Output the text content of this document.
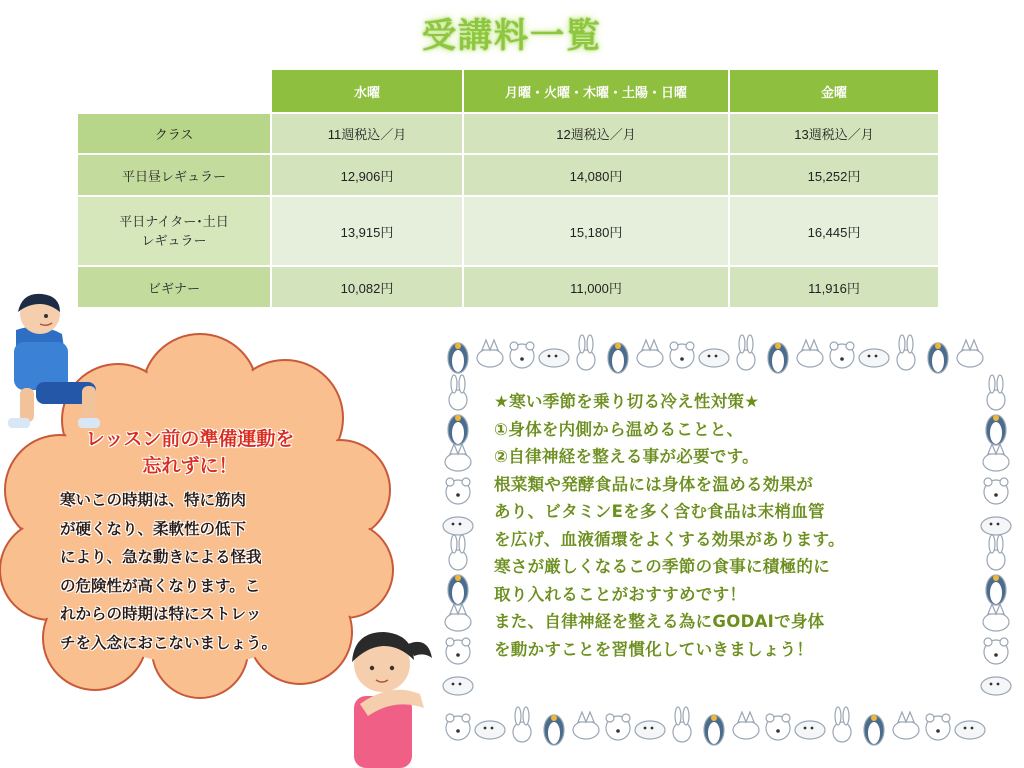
受講料一覧
	水曜	月曜・火曜・木曜・土陽・日曜	金曜
クラス	11週税込／月	12週税込／月	13週税込／月
平日昼レギュラー	12,906円	14,080円	15,252円
平日ナイター･土日
レギュラー	13,915円	15,180円	16,445円
ビギナー	10,082円	11,000円	11,916円
レッスン前の準備運動を
忘れずに！
寒いこの時期は、特に筋肉
が硬くなり、柔軟性の低下
により、急な動きによる怪我
の危険性が高くなります。こ
れからの時期は特にストレッ
チを入念におこないましょう。
★寒い季節を乗り切る冷え性対策★
①身体を内側から温めることと、
②自律神経を整える事が必要です。
根菜類や発酵食品には身体を温める効果が
あり、ビタミンEを多く含む食品は末梢血管
を広げ、血液循環をよくする効果があります。
寒さが厳しくなるこの季節の食事に積極的に
取り入れることがおすすめです！
また、自律神経を整える為にGODAIで身体
を動かすことを習慣化していきましょう！
